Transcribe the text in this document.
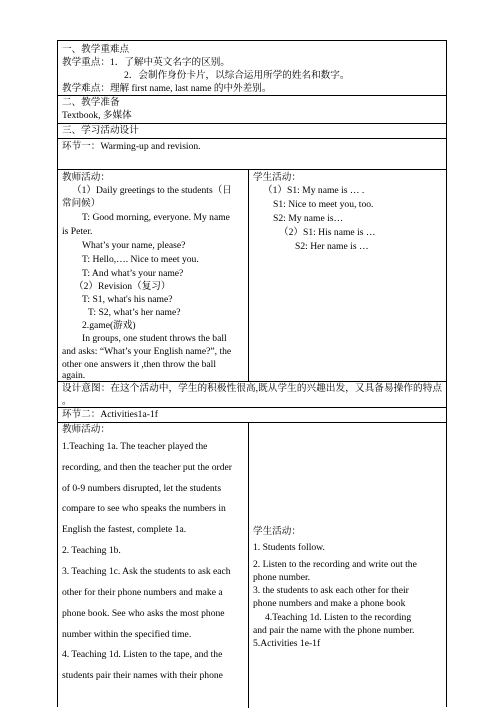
一、教学重难点
教学重点：1．了解中英文名字的区别。
2．会制作身份卡片，以综合运用所学的姓名和数字。
教学难点：理解 first name, last name 的中外差别。
二、教学准备
Textbook, 多媒体
三、学习活动设计
环节一：Warming-up and revision.
教师活动：
（1）Daily greetings to the students（日
常问候）
T: Good morning, everyone. My name
is Peter.
What’s your name, please?
T: Hello,…. Nice to meet you.
T: And what’s your name?
（2）Revision（复习）
T: S1, what's his name?
T: S2, what’s her name?
2.game(游戏)
In groups, one student throws the ball
and asks: “What’s your English name?”, the
other one answers it ,then throw the ball
again.
学生活动：
（1）S1: My name is … .
S1: Nice to meet you, too.
S2: My name is…
（2）S1: His name is …
S2: Her name is …
设计意图：在这个活动中，学生的积极性很高,既从学生的兴趣出发，又具备易操作的特点 。
环节二：Activities1a-1f
教师活动：
1.Teaching 1a. The teacher played the
recording, and then the teacher put the order
of 0-9 numbers disrupted, let the students
compare to see who speaks the numbers in
English the fastest, complete 1a.
2. Teaching 1b.
3. Teaching 1c. Ask the students to ask each
other for their phone numbers and make a
phone book. See who asks the most phone
number within the specified time.
4. Teaching 1d. Listen to the tape, and the
students pair their names with their phone
学生活动：
1. Students follow.
2. Listen to the recording and write out the
phone number.
3. the students to ask each other for their
phone numbers and make a phone book
4.Teaching 1d. Listen to the recording
and pair the name with the phone number.
5.Activities 1e-1f
